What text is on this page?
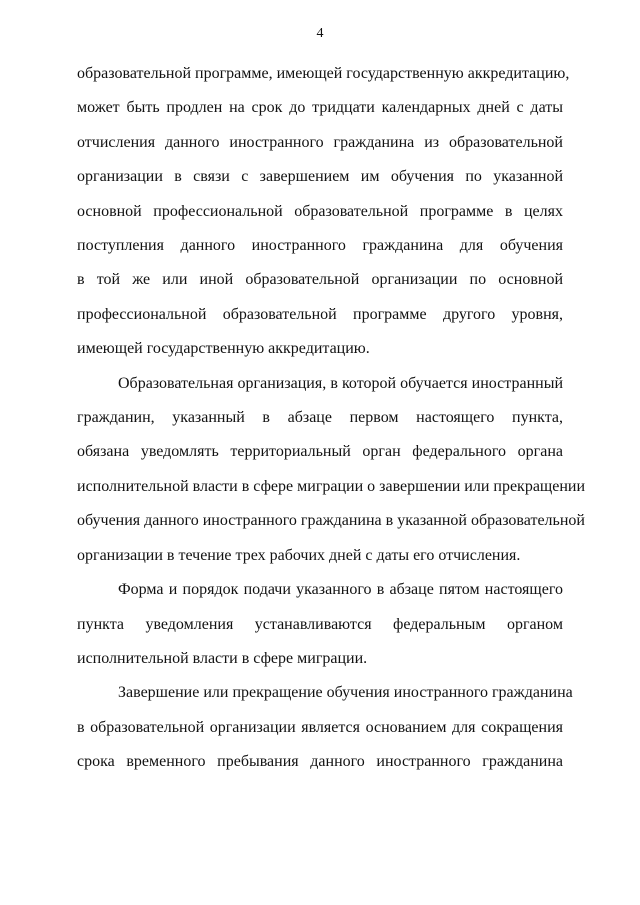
4
образовательной программе, имеющей государственную аккредитацию,
может быть продлен на срок до тридцати календарных дней с даты
отчисления данного иностранного гражданина из образовательной
организации в связи с завершением им обучения по указанной
основной профессиональной образовательной программе в целях
поступления данного иностранного гражданина для обучения
в той же или иной образовательной организации по основной
профессиональной образовательной программе другого уровня,
имеющей государственную аккредитацию.
Образовательная организация, в которой обучается иностранный
гражданин, указанный в абзаце первом настоящего пункта,
обязана уведомлять территориальный орган федерального органа
исполнительной власти в сфере миграции о завершении или прекращении
обучения данного иностранного гражданина в указанной образовательной
организации в течение трех рабочих дней с даты его отчисления.
Форма и порядок подачи указанного в абзаце пятом настоящего
пункта уведомления устанавливаются федеральным органом
исполнительной власти в сфере миграции.
Завершение или прекращение обучения иностранного гражданина
в образовательной организации является основанием для сокращения
срока временного пребывания данного иностранного гражданина
